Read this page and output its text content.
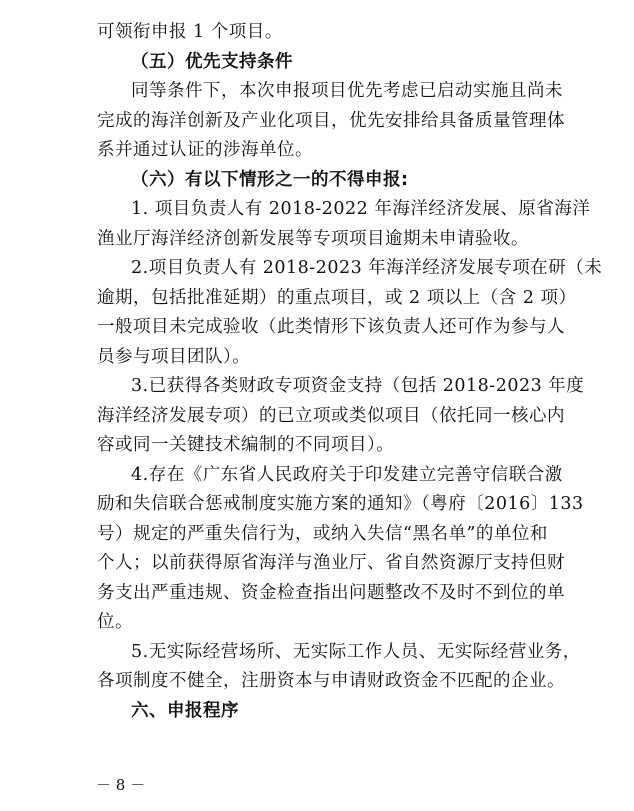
可领衔申报 1 个项目。
（五）优先支持条件
同等条件下，本次申报项目优先考虑已启动实施且尚未
完成的海洋创新及产业化项目，优先安排给具备质量管理体
系并通过认证的涉海单位。
（六）有以下情形之一的不得申报:
1. 项目负责人有 2018-2022 年海洋经济发展、原省海洋
渔业厅海洋经济创新发展等专项项目逾期未申请验收。
2.项目负责人有 2018-2023 年海洋经济发展专项在研（未
逾期，包括批准延期）的重点项目，或 2 项以上（含 2 项）
一般项目未完成验收（此类情形下该负责人还可作为参与人
员参与项目团队）。
3.已获得各类财政专项资金支持（包括 2018-2023 年度
海洋经济发展专项）的已立项或类似项目（依托同一核心内
容或同一关键技术编制的不同项目）。
4.存在《广东省人民政府关于印发建立完善守信联合激
励和失信联合惩戒制度实施方案的通知》（粤府〔2016〕133
号）规定的严重失信行为，或纳入失信“黑名单”的单位和
个人；以前获得原省海洋与渔业厅、省自然资源厅支持但财
务支出严重违规、资金检查指出问题整改不及时不到位的单
位。
5.无实际经营场所、无实际工作人员、无实际经营业务，
各项制度不健全，注册资本与申请财政资金不匹配的企业。
六、申报程序
－ 8 －
